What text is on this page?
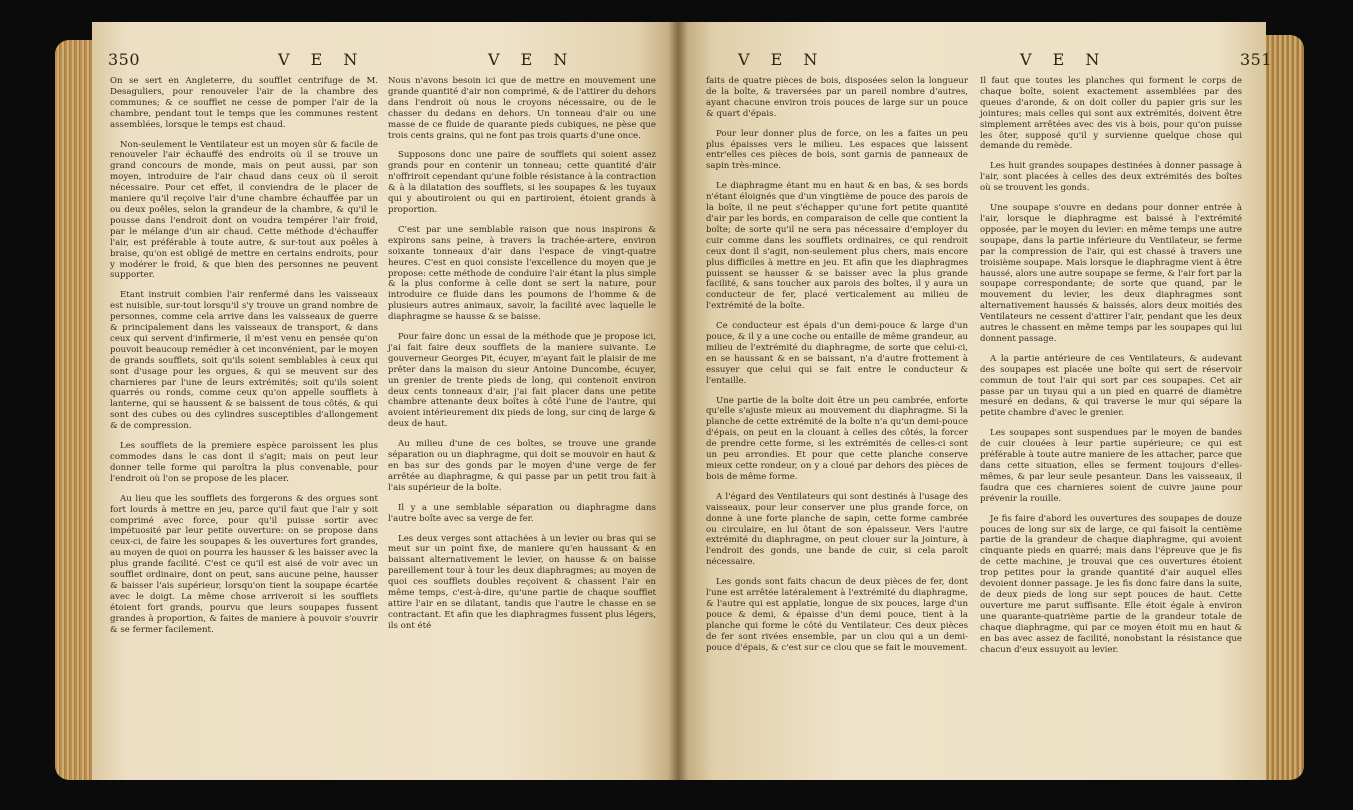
350	V E N	V E N	V E N	V E N	351

On se sert en Angleterre, du soufflet centrifuge de M. Desaguliers, pour renouveler l'air de la chambre des communes; & ce soufflet ne cesse de pomper l'air de la chambre, pendant tout le temps que les communes restent assemblées, lorsque le temps est chaud.

Non-seulement le Ventilateur est un moyen sûr & facile de renouveler l'air échauffé des endroits où il se trouve un grand concours de monde, mais on peut aussi, par son moyen, introduire de l'air chaud dans ceux où il seroit nécessaire. Pour cet effet, il conviendra de le placer de maniere qu'il reçoive l'air d'une chambre échauffée par un ou deux poêles, selon la grandeur de la chambre, & qu'il le pousse dans l'endroit dont on voudra tempérer l'air froid, par le mélange d'un air chaud. Cette méthode d'échauffer l'air, est préférable à toute autre, & sur-tout aux poêles à braise, qu'on est obligé de mettre en certains endroits, pour y modérer le froid, & que bien des personnes ne peuvent supporter.

Etant instruit combien l'air renfermé dans les vaisseaux est nuisible, sur-tout lorsqu'il s'y trouve un grand nombre de personnes, comme cela arrive dans les vaisseaux de guerre & principalement dans les vaisseaux de transport, & dans ceux qui servent d'infirmerie, il m'est venu en pensée qu'on pouvoit beaucoup remédier à cet inconvénient, par le moyen de grands soufflets, soit qu'ils soient semblables à ceux qui sont d'usage pour les orgues, & qui se meuvent sur des charnieres par l'une de leurs extrémités; soit qu'ils soient quarrés ou ronds, comme ceux qu'on appelle soufflets à lanterne, qui se haussent & se baissent de tous côtés, & qui sont des cubes ou des cylindres susceptibles d'allongement & de compression.

Les soufflets de la premiere espèce paroissent les plus commodes dans le cas dont il s'agit; mais on peut leur donner telle forme qui paroîtra la plus convenable, pour l'endroit où l'on se propose de les placer.

Au lieu que les soufflets des forgerons & des orgues sont fort lourds à mettre en jeu, parce qu'il faut que l'air y soit comprimé avec force, pour qu'il puisse sortir avec impétuosité par leur petite ouverture: on se propose dans ceux-ci, de faire les soupapes & les ouvertures fort grandes, au moyen de quoi on pourra les hausser & les baisser avec la plus grande facilité. C'est ce qu'il est aisé de voir avec un soufflet ordinaire, dont on peut, sans aucune peine, hausser & baisser l'ais supérieur, lorsqu'on tient la soupape écartée avec le doigt. La même chose arriveroit si les soufflets étoient fort grands, pourvu que leurs soupapes fussent grandes à proportion, & faites de maniere à pouvoir s'ouvrir & se fermer facilement.

Nous n'avons besoin ici que de mettre en mouvement une grande quantité d'air non comprimé, & de l'attirer du dehors dans l'endroit où nous le croyons nécessaire, ou de le chasser du dedans en dehors. Un tonneau d'air ou une masse de ce fluide de quarante pieds cubiques, ne pèse que trois cents grains, qui ne font pas trois quarts d'une once.

Supposons donc une paire de soufflets qui soient assez grands pour en contenir un tonneau; cette quantité d'air n'offriroit cependant qu'une foible résistance à la contraction & à la dilatation des soufflets, si les soupapes & les tuyaux qui y aboutiroient ou qui en partiroient, étoient grands à proportion.

C'est par une semblable raison que nous inspirons & expirons sans peine, à travers la trachée-artere, environ soixante tonneaux d'air dans l'espace de vingt-quatre heures. C'est en quoi consiste l'excellence du moyen que je propose: cette méthode de conduire l'air étant la plus simple & la plus conforme à celle dont se sert la nature, pour introduire ce fluide dans les poumons de l'homme & de plusieurs autres animaux, savoir, la facilité avec laquelle le diaphragme se hausse & se baisse.

Pour faire donc un essai de la méthode que je propose ici, j'ai fait faire deux soufflets de la maniere suivante. Le gouverneur Georges Pit, écuyer, m'ayant fait le plaisir de me prêter dans la maison du sieur Antoine Duncombe, écuyer, un grenier de trente pieds de long, qui contenoit environ deux cents tonneaux d'air, j'ai fait placer dans une petite chambre attenante deux boîtes à côté l'une de l'autre, qui avoient intérieurement dix pieds de long, sur cinq de large & deux de haut.

Au milieu d'une de ces boîtes, se trouve une grande séparation ou un diaphragme, qui doit se mouvoir en haut & en bas sur des gonds par le moyen d'une verge de fer arrêtée au diaphragme, & qui passe par un petit trou fait à l'ais supérieur de la boîte.

Il y a une semblable séparation ou diaphragme dans l'autre boîte avec sa verge de fer.

Les deux verges sont attachées à un levier ou bras qui se meut sur un point fixe, de maniere qu'en haussant & en baissant alternativement le levier, on hausse & on baisse pareillement tour à tour les deux diaphragmes; au moyen de quoi ces soufflets doubles reçoivent & chassent l'air en même temps, c'est-à-dire, qu'une partie de chaque soufflet attire l'air en se dilatant, tandis que l'autre le chasse en se contractant. Et afin que les diaphragmes fussent plus légers, ils ont été

faits de quatre pièces de bois, disposées selon la longueur de la boîte, & traversées par un pareil nombre d'autres, ayant chacune environ trois pouces de large sur un pouce & quart d'épais.

Pour leur donner plus de force, on les a faites un peu plus épaisses vers le milieu. Les espaces que laissent entr'elles ces pièces de bois, sont garnis de panneaux de sapin très-mince.

Le diaphragme étant mu en haut & en bas, & ses bords n'étant éloignés que d'un vingtième de pouce des parois de la boîte, il ne peut s'échapper qu'une fort petite quantité d'air par les bords, en comparaison de celle que contient la boîte; de sorte qu'il ne sera pas nécessaire d'employer du cuir comme dans les soufflets ordinaires, ce qui rendroit ceux dont il s'agit, non-seulement plus chers, mais encore plus difficiles à mettre en jeu. Et afin que les diaphragmes puissent se hausser & se baisser avec la plus grande facilité, & sans toucher aux parois des boîtes, il y aura un conducteur de fer, placé verticalement au milieu de l'extrémité de la boîte.

Ce conducteur est épais d'un demi-pouce & large d'un pouce, & il y a une coche ou entaille de même grandeur, au milieu de l'extrémité du diaphragme, de sorte que celui-ci, en se haussant & en se baissant, n'a d'autre frottement à essuyer que celui qui se fait entre le conducteur & l'entaille.

Une partie de la boîte doit être un peu cambrée, enforte qu'elle s'ajuste mieux au mouvement du diaphragme. Si la planche de cette extrémité de la boîte n'a qu'un demi-pouce d'épais, on peut en la clouant à celles des côtés, la forcer de prendre cette forme, si les extrémités de celles-ci sont un peu arrondies. Et pour que cette planche conserve mieux cette rondeur, on y a cloué par dehors des pièces de bois de même forme.

A l'égard des Ventilateurs qui sont destinés à l'usage des vaisseaux, pour leur conserver une plus grande force, on donne à une forte planche de sapin, cette forme cambrée ou circulaire, en lui ôtant de son épaisseur. Vers l'autre extrémité du diaphragme, on peut clouer sur la jointure, à l'endroit des gonds, une bande de cuir, si cela paroît nécessaire.

Les gonds sont faits chacun de deux pièces de fer, dont l'une est arrêtée latéralement à l'extrémité du diaphragme, & l'autre qui est applatie, longue de six pouces, large d'un pouce & demi, & épaisse d'un demi pouce, tient à la planche qui forme le côté du Ventilateur. Ces deux pièces de fer sont rivées ensemble, par un clou qui a un demi-pouce d'épais, & c'est sur ce clou que se fait le mouvement.

Il faut que toutes les planches qui forment le corps de chaque boîte, soient exactement assemblées par des queues d'aronde, & on doit coller du papier gris sur les jointures; mais celles qui sont aux extrémités, doivent être simplement arrêtées avec des vis à bois, pour qu'on puisse les ôter, supposé qu'il y survienne quelque chose qui demande du remède.

Les huit grandes soupapes destinées à donner passage à l'air, sont placées à celles des deux extrémités des boîtes où se trouvent les gonds.

Une soupape s'ouvre en dedans pour donner entrée à l'air, lorsque le diaphragme est baissé à l'extrémité opposée, par le moyen du levier: en même temps une autre soupape, dans la partie inférieure du Ventilateur, se ferme par la compression de l'air, qui est chassé à travers une troisième soupape. Mais lorsque le diaphragme vient à être haussé, alors une autre soupape se ferme, & l'air fort par la soupape correspondante; de sorte que quand, par le mouvement du levier, les deux diaphragmes sont alternativement haussés & baissés, alors deux moitiés des Ventilateurs ne cessent d'attirer l'air, pendant que les deux autres le chassent en même temps par les soupapes qui lui donnent passage.

A la partie antérieure de ces Ventilateurs, & audevant des soupapes est placée une boîte qui sert de réservoir commun de tout l'air qui sort par ces soupapes. Cet air passe par un tuyau qui a un pied en quarré de diamètre mesuré en dedans, & qui traverse le mur qui sépare la petite chambre d'avec le grenier.

Les soupapes sont suspendues par le moyen de bandes de cuir clouées à leur partie supérieure; ce qui est préférable à toute autre maniere de les attacher, parce que dans cette situation, elles se ferment toujours d'elles-mêmes, & par leur seule pesanteur. Dans les vaisseaux, il faudra que ces charnieres soient de cuivre jaune pour prévenir la rouille.

Je fis faire d'abord les ouvertures des soupapes de douze pouces de long sur six de large, ce qui faisoit la centième partie de la grandeur de chaque diaphragme, qui avoient cinquante pieds en quarré; mais dans l'épreuve que je fis de cette machine, je trouvai que ces ouvertures étoient trop petites pour la grande quantité d'air auquel elles devoient donner passage. Je les fis donc faire dans la suite, de deux pieds de long sur sept pouces de haut. Cette ouverture me parut suffisante. Elle étoit égale à environ une quarante-quatrième partie de la grandeur totale de chaque diaphragme, qui par ce moyen étoit mu en haut & en bas avec assez de facilité, nonobstant la résistance que chacun d'eux essuyoit au levier.
